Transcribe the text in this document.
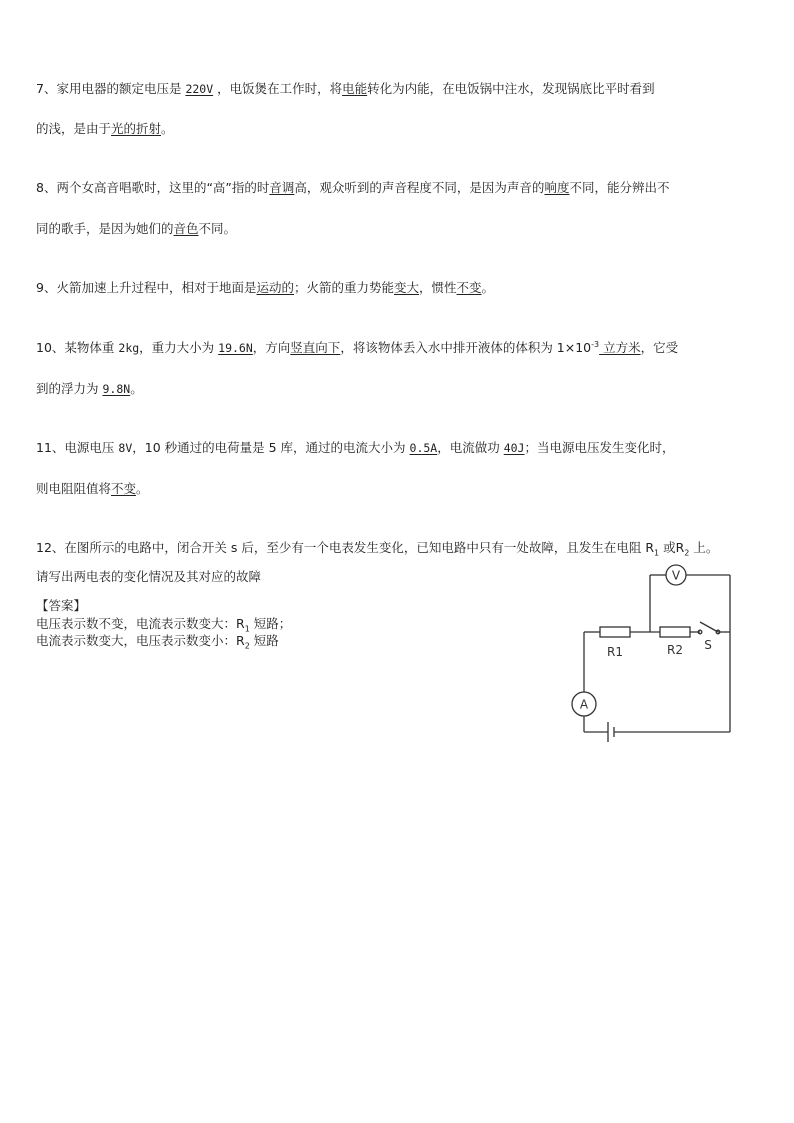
7、家用电器的额定电压是 220V ，电饭煲在工作时，将电能转化为内能，在电饭锅中注水，发现锅底比平时看到
的浅，是由于光的折射。
8、两个女高音唱歌时，这里的“高”指的时音调高，观众听到的声音程度不同，是因为声音的响度不同，能分辨出不
同的歌手，是因为她们的音色不同。
9、火箭加速上升过程中，相对于地面是运动的；火箭的重力势能变大，惯性不变。
10、某物体重 2kg，重力大小为 19.6N，方向竖直向下，将该物体丢入水中排开液体的体积为 $1\times 10^{-3}$ 立方米，它受
到的浮力为 9.8N。
11、电源电压 8V，10 秒通过的电荷量是 5 库，通过的电流大小为 0.5A，电流做功 40J；当电源电压发生变化时，
则电阻阻值将不变。
12、在图所示的电路中，闭合开关 s 后，至少有一个电表发生变化，已知电路中只有一处故障，且发生在电阻 $R_1$ 或$R_2$ 上。
请写出两电表的变化情况及其对应的故障
【答案】
电压表示数不变，电流表示数变大：$R_1$ 短路；
电流表示数变大，电压表示数变小：$R_2$ 短路
V
A
R1	R2 S
